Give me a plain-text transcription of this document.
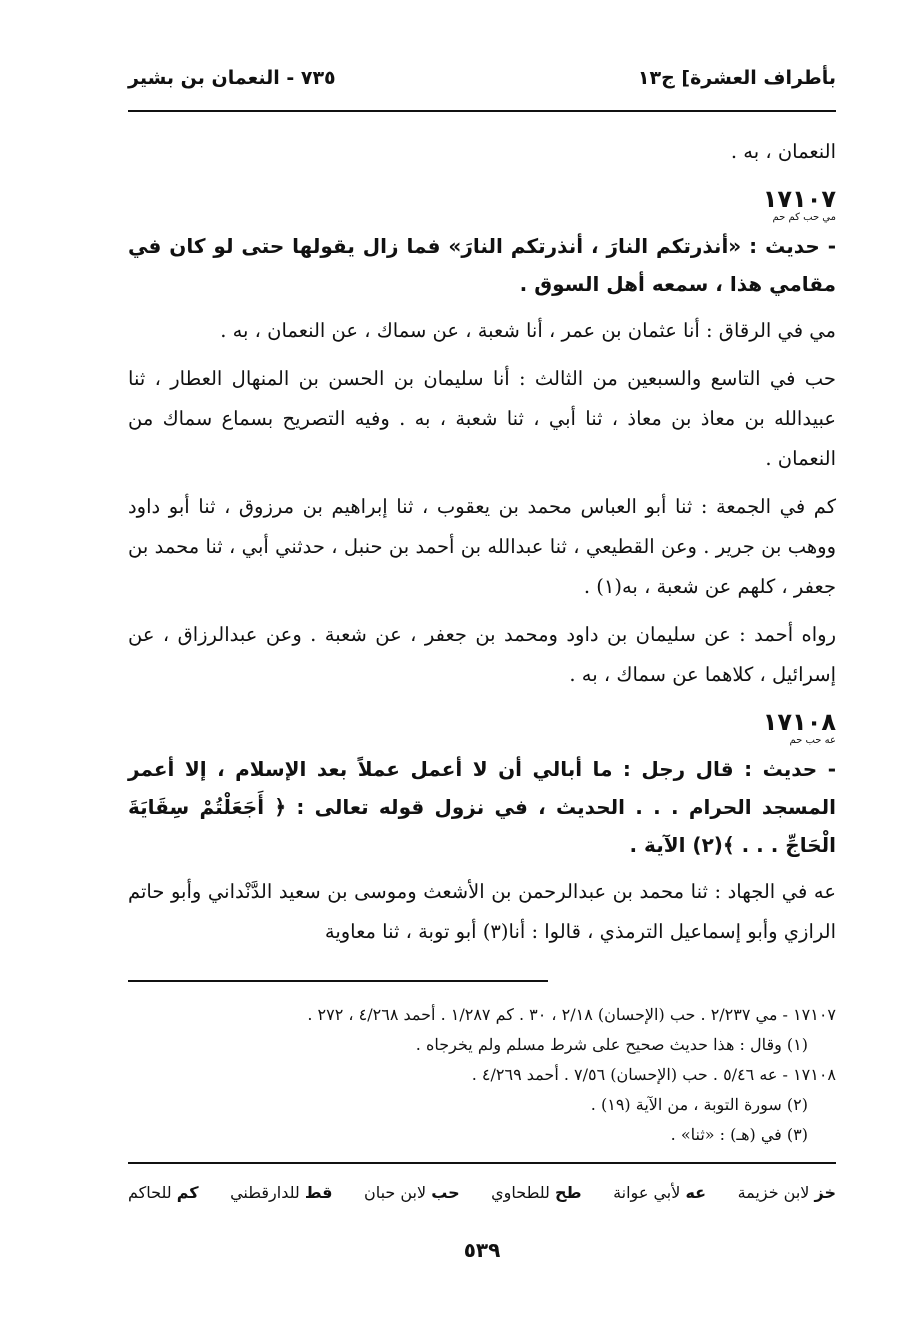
بأطراف العشرة] ج١٣
٧٣٥ - النعمان بن بشير

النعمان ، به .

١٧١٠٧
مي حب كم حم
- حديث : «أنذرتكم النارَ ، أنذرتكم النارَ» فما زال يقولها حتى لو كان في مقامي هذا ، سمعه أهل السوق .

مي في الرقاق : أنا عثمان بن عمر ، أنا شعبة ، عن سماك ، عن النعمان ، به .

حب في التاسع والسبعين من الثالث : أنا سليمان بن الحسن بن المنهال العطار ، ثنا عبيدالله بن معاذ بن معاذ ، ثنا أبي ، ثنا شعبة ، به . وفيه التصريح بسماع سماك من النعمان .

كم في الجمعة : ثنا أبو العباس محمد بن يعقوب ، ثنا إبراهيم بن مرزوق ، ثنا أبو داود ووهب بن جرير . وعن القطيعي ، ثنا عبدالله بن أحمد بن حنبل ، حدثني أبي ، ثنا محمد بن جعفر ، كلهم عن شعبة ، به(١) .

رواه أحمد : عن سليمان بن داود ومحمد بن جعفر ، عن شعبة . وعن عبدالرزاق ، عن إسرائيل ، كلاهما عن سماك ، به .

١٧١٠٨
عه حب حم
- حديث : قال رجل : ما أبالي أن لا أعمل عملاً بعد الإسلام ، إلا أعمر المسجد الحرام . . . الحديث ، في نزول قوله تعالى : ﴿ أَجَعَلْتُمْ سِقَايَةَ الْحَاجِّ . . . ﴾(٢) الآية .

عه في الجهاد : ثنا محمد بن عبدالرحمن بن الأشعث وموسى بن سعيد الدَّنْداني وأبو حاتم الرازي وأبو إسماعيل الترمذي ، قالوا : أنا(٣) أبو توبة ، ثنا معاوية

١٧١٠٧ - مي ٢/٢٣٧ . حب (الإحسان) ٢/١٨ ، ٣٠ . كم ١/٢٨٧ . أحمد ٤/٢٦٨ ، ٢٧٢ .

(١) وقال : هذا حديث صحيح على شرط مسلم ولم يخرجاه .

١٧١٠٨ - عه ٥/٤٦ . حب (الإحسان) ٧/٥٦ . أحمد ٤/٢٦٩ .

(٢) سورة التوبة ، من الآية (١٩) .

(٣) في (هـ) : «ثنا» .

خز لابن خزيمة
عه لأبي عوانة
طح للطحاوي
حب لابن حبان
قط للدارقطني
كم للحاكم
٥٣٩
